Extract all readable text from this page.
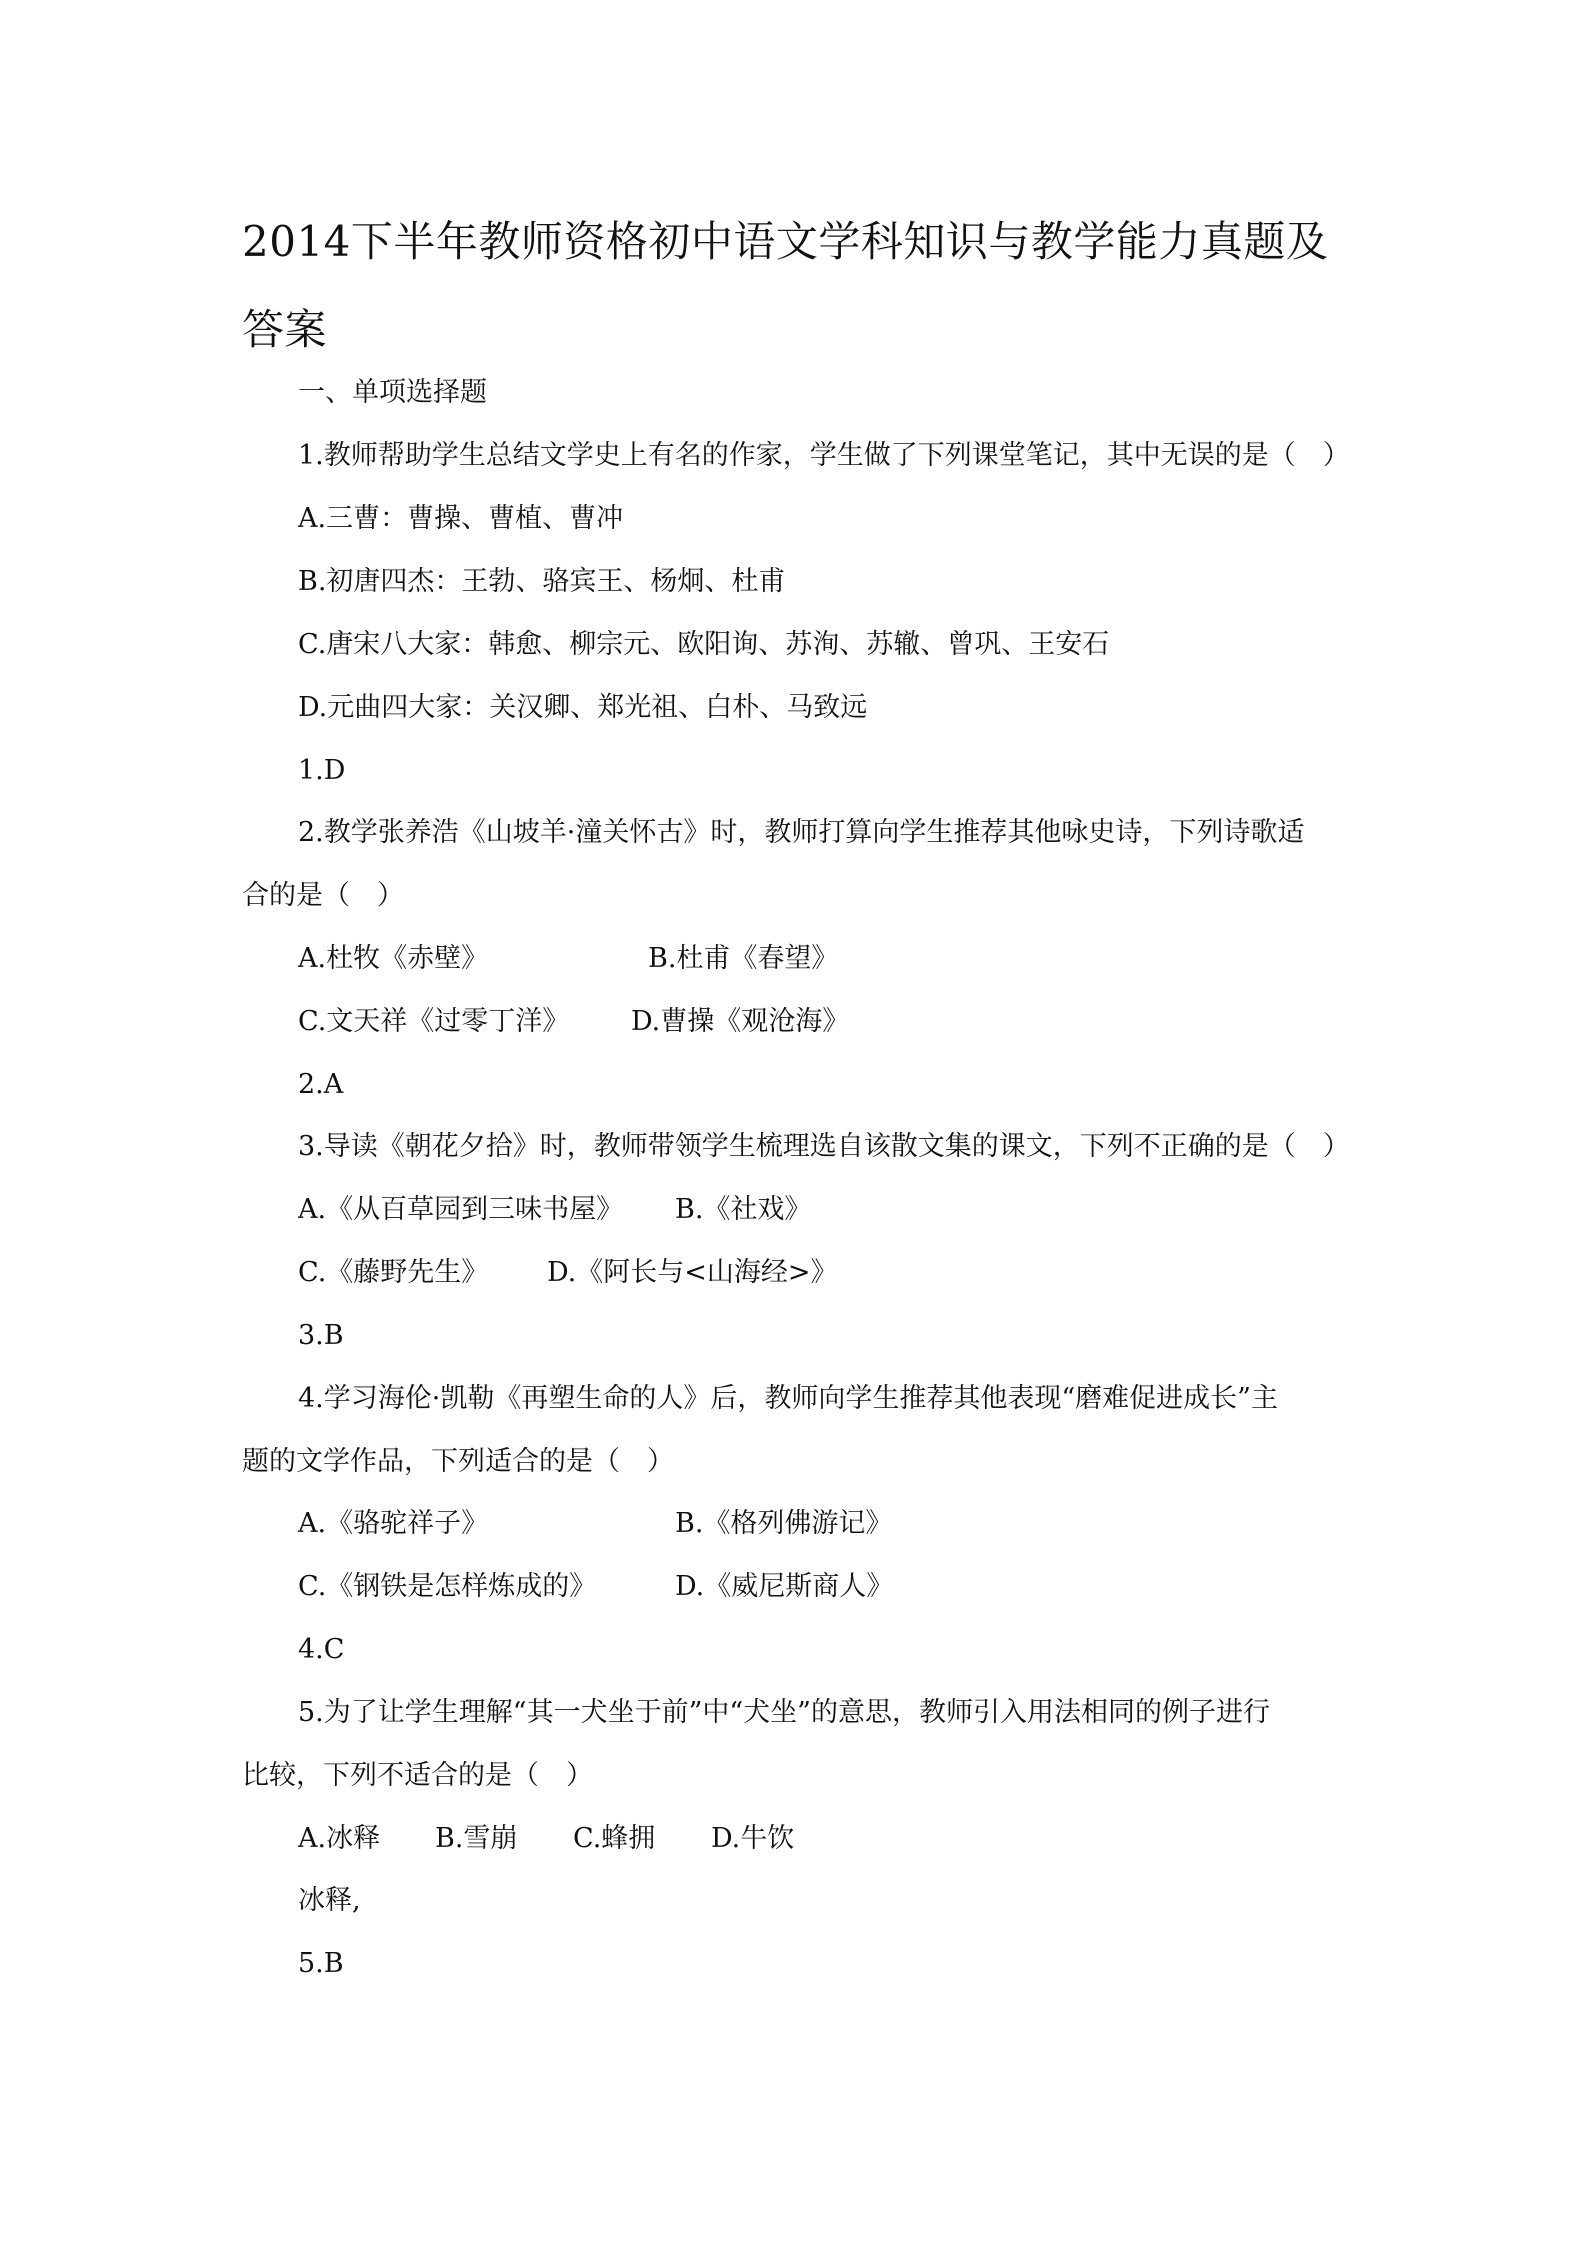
2014下半年教师资格初中语文学科知识与教学能力真题及
答案

一、单项选择题

1.教师帮助学生总结文学史上有名的作家，学生做了下列课堂笔记，其中无误的是（　）

A.三曹：曹操、曹植、曹冲

B.初唐四杰：王勃、骆宾王、杨炯、杜甫

C.唐宋八大家：韩愈、柳宗元、欧阳询、苏洵、苏辙、曾巩、王安石

D.元曲四大家：关汉卿、郑光祖、白朴、马致远

1.D

2.教学张养浩《山坡羊·潼关怀古》时，教师打算向学生推荐其他咏史诗，下列诗歌适

合的是（　）

A.杜牧《赤壁》	B.杜甫《春望》

C.文天祥《过零丁洋》 D.曹操《观沧海》

2.A

3.导读《朝花夕拾》时，教师带领学生梳理选自该散文集的课文，下列不正确的是（　）

A.《从百草园到三味书屋》 B.《社戏》

C.《藤野先生》 D.《阿长与<山海经>》

3.B

4.学习海伦·凯勒《再塑生命的人》后，教师向学生推荐其他表现“磨难促进成长”主

题的文学作品，下列适合的是（　）

A.《骆驼祥子》	B.《格列佛游记》

C.《钢铁是怎样炼成的》	D.《威尼斯商人》

4.C

5.为了让学生理解“其一犬坐于前”中“犬坐”的意思，教师引入用法相同的例子进行

比较，下列不适合的是（　）

A.冰释 B.雪崩 C.蜂拥 D.牛饮

冰释,

5.B
